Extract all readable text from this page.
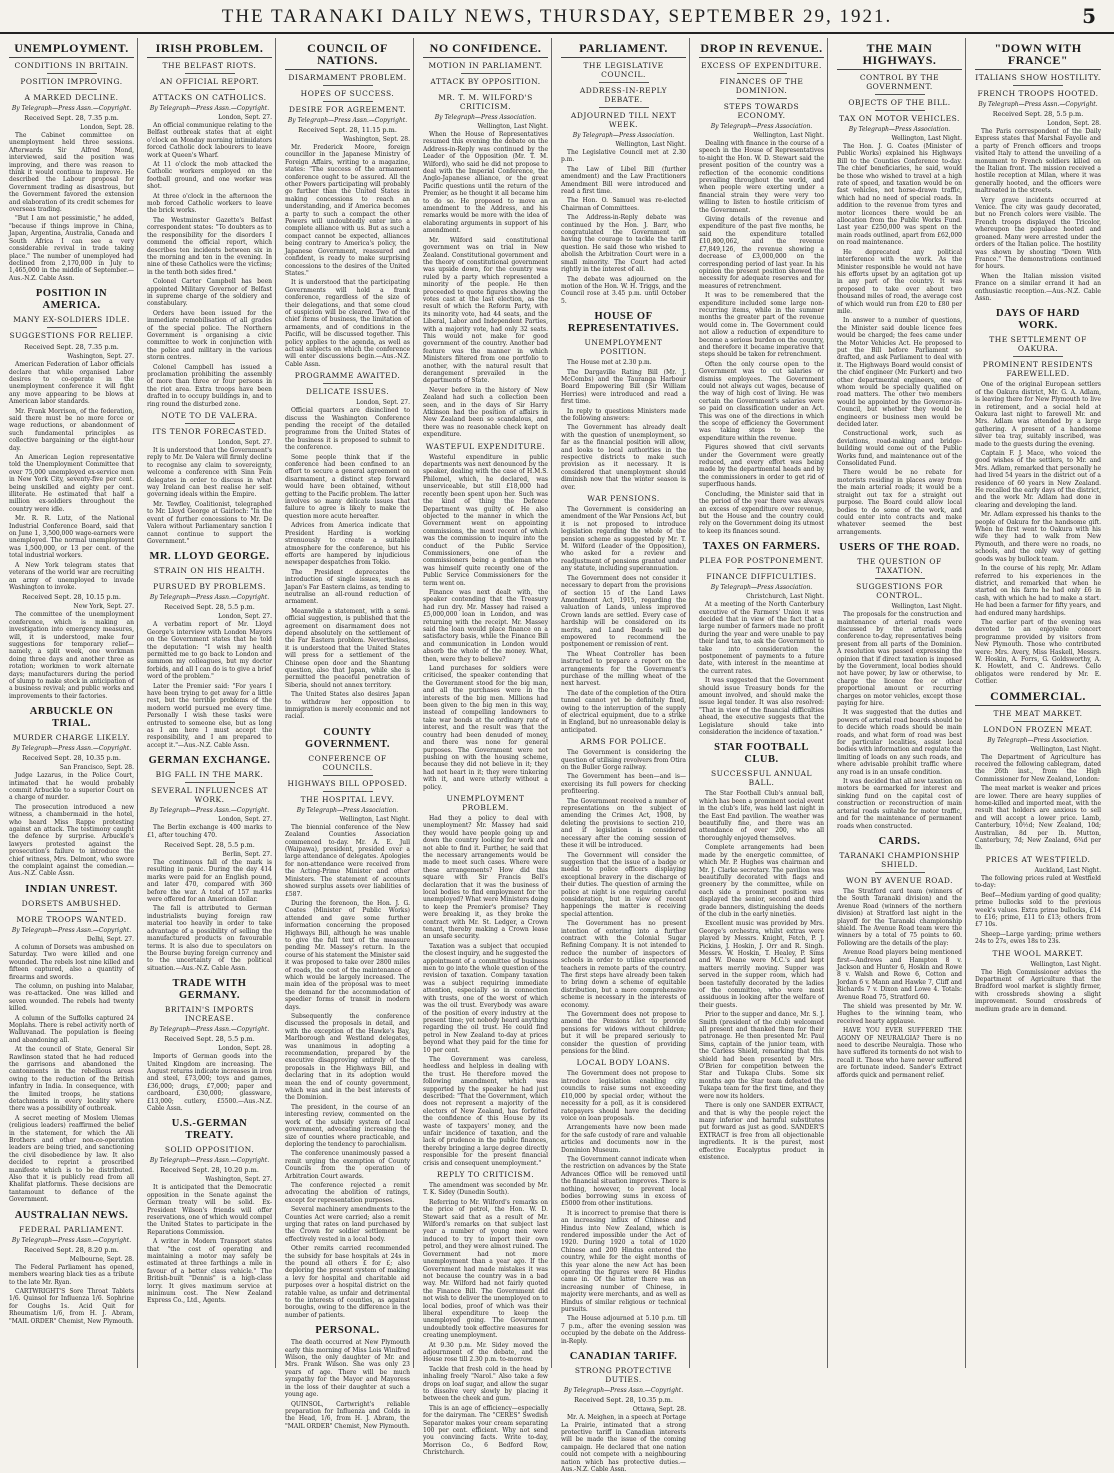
THE TARANAKI DAILY NEWS, THURSDAY, SEPTEMBER 29, 1921.	5
UNEMPLOYMENT.
CONDITIONS IN BRITAIN.
POSITION IMPROVING.
A MARKED DECLINE.
By Telegraph—Press Assn.—Copyright.
Received Sept. 28, 7.35 p.m.
London, Sept. 28.
The Cabinet committee on unemployment held three sessions. Afterwards Sir Alfred Mond, interviewed, said the position was improving, and there was reason to think it would continue to improve. He described the Labour proposal for Government trading as disastrous, but the Government favored the extension and elaboration of its credit schemes for overseas trading.
"But I am not pessimistic," he added, "because if things improve in China, Japan, Argentina, Australia, Canada and South Africa I can see a very considerable revival in trade taking place." The number of unemployed had declined from 2,170,000 in July to 1,465,000 in the middle of September.—Aus.-N.Z. Cable Assn.
POSITION IN AMERICA.
MANY EX-SOLDIERS IDLE.
SUGGESTIONS FOR RELIEF.
Received Sept. 28, 7.35 p.m.
Washington, Sept. 27.
American Federation of Labor officials declare that while organised Labor desires to co-operate in the unemployment conference it will fight any move appearing to be blows at American labor standards.
Mr. Frank Morrison, of the federation, said there must be no more force or wage reductions, or abandonment of such fundamental principles as collective bargaining or the eight-hour day.
An American Legion representative told the Unemployment Committee that over 75,000 unemployed ex-service men in New York City, seventy-five per cent. being unskilled and eighty per cent. illiterate. He estimated that half a million ex-soldiers throughout the country were idle.
Mr. R. R. Lutz, of the National Industrial Conference Board, said that on June 1, 3,500,000 wage-earners were unemployed. The normal unemployment was 1,500,000, or 13 per cent. of the total industrial workers.
A New York telegram states that veterans of the world war are recruiting an army of unemployed to invade Washington to invoke.
Received Sept. 28, 10.15 p.m.
New York, Sept. 27.
The committee of the unemployment conference, which is making an investigation into emergency measures, will, it is understood, make four suggestions for temporary relief—namely, a split week, one workman doing three days and another three as rotation; workmen to work alternate days; manufacturers during the period of slump to make stock in anticipation of a business revival; and public works and improvements to their factories.
ARBUCKLE ON TRIAL.
MURDER CHARGE LIKELY.
By Telegraph—Press Assn.—Copyright.
Received Sept. 28, 10.35 p.m.
San Francisco, Sept. 28.
Judge Lazarus, in the Police Court, intimated that he would probably commit Arbuckle to a superior Court on a charge of murder.
The prosecution introduced a new witness, a chambermaid in the hotel, who heard Miss Rappe protesting against an attack. The testimony caught the defence by surprise. Arbuckle's lawyers protested against the prosecution's failure to introduce the chief witness, Mrs. Delmont, who swore the complaint against the comedian.—Aus.-N.Z. Cable Assn.
INDIAN UNREST.
DORSETS AMBUSHED.
MORE TROOPS WANTED.
By Telegraph—Press Assn.—Copyright.
Delhi, Sept. 27.
A column of Dorsets was ambushed on Saturday. Two were killed and one wounded. The rebels lost nine killed and fifteen captured, also a quantity of firearms and swords.
The column, on pushing into Malabar, was re-attacked. One was killed and seven wounded. The rebels had twenty killed.
A column of the Suffolks captured 24 Moplahs. There is rebel activity north of Walluvanad. The population is fleeing and abandoning all.
At the council of State, General Sir Rawlinson stated that he had reduced the garrisons and abandoned the cantonments in the rebellious areas owing to the reduction of the British infantry in India. In consequence, with the limited troops, he stations detachments in every locality where there was a possibility of outbreak.
A secret meeting of Moslem Ulemas (religious leaders) reaffirmed the belief in the statement, for which the Ali Brothers and other non-co-operation leaders are being tried, and sanctioning the civil disobedience by law. It also decided to reprint a proscribed manifesto which is to be distributed. Also that it is publicly read from all Khalifat platforms. These decisions are tantamount to defiance of the Government.
AUSTRALIAN NEWS.
FEDERAL PARLIAMENT.
By Telegraph—Press Assn.—Copyright.
Received Sept. 28, 8.20 p.m.
Melbourne, Sept. 28.
The Federal Parliament has opened, members wearing black ties as a tribute to the late Mr. Ryan.
CARTWRIGHT'S Sore Throat Tablets 1/6. Quinsol for Influenza 1/6. Sophrine for Coughs 1s. Acid Quit for Rheumatism 1/6, from H. J. Abram, "MAIL ORDER" Chemist, New Plymouth.
IRISH PROBLEM.
THE BELFAST RIOTS.
AN OFFICIAL REPORT.
ATTACKS ON CATHOLICS.
By Telegraph—Press Assn.—Copyright.
London, Sept. 27.
An official communique relating to the Belfast outbreak states that at eight o'clock on Monday morning intimidators forced Catholic dock labourers to leave work at Queen's Wharf.
At 11 o'clock the mob attacked the Catholic workers employed on the football ground, and one worker was shot.
At three o'clock in the afternoon the mob forced Catholic workers to leave the brick works.
The Westminster Gazette's Belfast correspondent states: "To doubters as to the responsibility for the disorders I commend the official report, which describes ten incidents between six in the morning and ten in the evening. In nine of these Catholics were the victims; in the tenth both sides fired."
Colonel Carter Campbell has been appointed Military Governor of Belfast in supreme charge of the soldiery and constabulary.
Orders have been issued for the immediate remobilisation of all grades of the special police. The Northern Government is organising a civic committee to work in conjunction with the police and military in the various storm centres.
Colonel Campbell has issued a proclamation prohibiting the assembly of more than three or four persons in the riot area. Extra troops have been drafted in to occupy buildings in, and to ring round the disturbed zone.
NOTE TO DE VALERA.
ITS TENOR FORECASTED.
London, Sept. 27.
It is understood that the Government's reply to Mr. De Valera will firmly decline to recognise any claim to sovereignty, welcome a conference with Sinn Fein delegates in order to discuss in what way Ireland can best realise her self-governing ideals within the Empire.
Mr. Tewfley, Coalitionist, telegraphed to Mr. Lloyd George at Gairloch: "In the event of further concessions to Mr. De Valera without Parliamentary sanction I cannot continue to support the Government."
MR. LLOYD GEORGE.
STRAIN ON HIS HEALTH.
PURSUED BY PROBLEMS.
By Telegraph—Press Assn.—Copyright.
Received Sept. 28, 5.5 p.m.
London, Sept. 27.
A verbatim report of Mr. Lloyd George's interview with London Mayors on the Government states that he told the deputation: "I wish my health permitted me to go back to London and summon my colleagues, but my doctor forbids, and all I can do is to give a brief word of the problem."
Later the Premier said: "For years I have been trying to get away for a little rest, but the terrible problems of the modern world pursued me every time. Personally I wish these tasks were entrusted to someone else, but as long as I am here I must accept the responsibility, and I am prepared to accept it."—Aus.-N.Z. Cable Assn.
GERMAN EXCHANGE.
BIG FALL IN THE MARK.
SEVERAL INFLUENCES AT WORK.
By Telegraph—Press Assn.—Copyright.
London, Sept. 27.
The Berlin exchange is 400 marks to £1, after touching 470.
Received Sept. 28, 5.5 p.m.
Berlin, Sept. 27.
The continuous fall of the mark is resulting in panic. During the day 414 marks were paid for an English pound, and later 470, compared with 360 before the war. A total of 157 marks were offered for an American dollar.
The fall is attributed to German industrialists buying foreign raw material too heavily in order to take advantage of a possibility of selling the manufactured products on favourable terms. It is also due to speculators on the Bourse buying foreign currency and to the uncertainty of the political situation.—Aus.-N.Z. Cable Assn.
TRADE WITH GERMANY.
BRITAIN'S IMPORTS INCREASE.
By Telegraph—Press Assn.—Copyright.
Received Sept. 28, 5.5 p.m.
London, Sept. 28.
Imports of German goods into the United Kingdom are increasing. The August returns indicate increases in iron and steel, £73,000; toys and games, £36,000; drugs, £7,000; paper and cardboard, £30,000; glassware, £13,000; cutlery, £5500.—Aus.-N.Z. Cable Assn.
U.S.-GERMAN TREATY.
SOLID OPPOSITION.
By Telegraph—Press Assn.—Copyright.
Received Sept. 28, 10.20 p.m.
Washington, Sept. 27.
It is anticipated that the Democratic opposition in the Senate against the German treaty will be solid. Ex-President Wilson's friends will offer reservations, one of which would compel the United States to participate in the Reparations Commission.
A writer in Modern Transport states that "the cost of operating and maintaining a motor may safely be estimated at three farthings a mile in favour of a better class vehicle." The British-built "Dennis" is a high-class lorry. It gives maximum service at minimum cost. The New Zealand Express Co., Ltd., Agents.
COUNCIL OF NATIONS.
DISARMAMENT PROBLEM.
HOPES OF SUCCESS.
DESIRE FOR AGREEMENT.
By Telegraph—Press Assn.—Copyright.
Received Sept. 28, 11.15 p.m.
Washington, Sept. 28.
Mr. Frederick Moore, foreign councillor in the Japanese Ministry of Foreign Affairs, writing to a magazine, states: "The success of the armament conference ought to be assured. All the other Powers participating will probably go further than the United States in making concessions to reach an understanding, and if America becomes a party to such a compact the other Powers will undoubtedly enter into a complete alliance with us. But as such a compact cannot be expected, alliances being contrary to America's policy, the Japanese Government, reassured and confident, is ready to make surprising concessions to the desires of the United States."
It is understood that the participating Governments will hold a frank conference, regardless of the size of their delegations, and that some cloud of suspicion will be cleared. Two of the chief items of business, the limitation of armaments, and of conditions in the Pacific, will be discussed together. This policy applies to the agenda, as well as actual subjects on which the conference will enter discussions begin.—Aus.-N.Z. Cable Assn.
PROGRAMME AWAITED.
DELICATE ISSUES.
London, Sept. 27.
Official quarters are disinclined to discuss the Washington Conference pending the receipt of the detailed programme from the United States of the business it is proposed to submit to the conference.
Some people think that if the conference had been confined to an effort to secure a general agreement on disarmament, a distinct step forward would have been obtained, without getting to the Pacific problem. The latter involves so many delicate issues that failure to agree is likely to make the question more acute hereafter.
Advices from America indicate that President Harding is working strenuously to create a suitable atmosphere for the conference, but his efforts are hampered by injudicious newspaper despatches from Tokio.
The President deprecates the introduction of single issues, such as Japan's Far Eastern claims, as tending to neutralise an all-round reduction of armament.
Meanwhile a statement, with a semi-official suggestion, is published that the agreement on disarmament does not depend absolutely on the settlement of the Far Eastern problem. Nevertheless, it is understood that the United States will press for a settlement of the Chinese open door and the Shantung question, also that Japan, while she is permitted the peaceful penetration of Siberia, should not annex territory.
The United States also desires Japan to withdraw her opposition to immigration is merely economic and not racial.
COUNTY GOVERNMENT.
CONFERENCE OF COUNCILS.
HIGHWAYS BILL OPPOSED.
THE HOSPITAL LEVY.
By Telegraph—Press Association.
Wellington, Last Night.
The biennial conference of the New Zealand Counties Association commenced to-day. Mr. A. E. Jull (Waipawa), president, presided over a large attendance of delegates. Apologies for non-attendance were received from the Acting-Prime Minister and other Ministers. The statement of accounts showed surplus assets over liabilities of £587.
During the forenoon, the Hon. J. G. Coates (Minister of Public Works) attended and gave some further information concerning the proposed Highways Bill, although he was unable to give the full text of the measure pending Mr. Massey's return. In the course of his statement the Minister said it was proposed to take over 2800 miles of roads, the cost of the maintenance of which would be largely increased. The main idea of the proposal was to meet the demand for the accommodation of speedier forms of transit in modern days.
Subsequently the conference discussed the proposals in detail, and with the exception of the Hawke's Bay, Marlborough and Westland delegates, was unanimous in adopting a recommendation, prepared by the executive disapproving entirely of the proposals in the Highways Bill, and declaring that in its adoption would mean the end of county government, which was and in the best interests of the Dominion.
The president, in the course of an interesting review, commented on the work of the subsidy system of local government, advocating increasing the size of counties where practicable, and deploring the tendency to parochialism.
The conference unanimously passed a remit urging the exemption of County Councils from the operation of Arbitration Court awards.
The conference rejected a remit advocating the abolition of ratings, except for representation purposes.
Several machinery amendments to the Counties Act were carried; also a remit urging that rates on land purchased by the Crown for soldier settlement be effectively vested in a local body.
Other remits carried recommended the subsidy for base hospitals at 24s in the pound all others £ for £; also deploring the present system of making a levy for hospital and charitable aid purposes over a hospital district on the ratable value, as unfair and detrimental to the interests of counties, as against boroughs, owing to the difference in the number of patients.
PERSONAL.
The death occurred at New Plymouth early this morning of Miss Lois Winifred Wilson, the only daughter of Mr. and Mrs. Frank Wilson. She was only 23 years of age. There will be much sympathy for the Mayor and Mayoress in the loss of their daughter at such a young age.
QUINSOL, Cartwright's reliable preparation for Influenza and Colds in the Head, 1/6, from H. J. Abram, the "MAIL ORDER" Chemist, New Plymouth.
NO CONFIDENCE.
MOTION IN PARLIAMENT.
ATTACK BY OPPOSITION.
MR. T. M. WILFORD'S CRITICISM.
By Telegraph—Press Association.
Wellington, Last Night.
When the House of Representatives resumed this evening the debate on the Address-in-Reply was continued by the Leader of the Opposition (Mr. T. M. Wilford), who said he did not propose to deal with the Imperial Conference, the Anglo-Japanese alliance, or the great Pacific questions until the return of the Premier, as he thought it all became him to do so. He proposed to move an amendment to the Address, and his remarks would be more with the idea of elaborating arguments in support of his amendment.
Mr. Wilford said constitutional government was on trial in New Zealand. Constitutional government and the theory of constitutional government was upside down, for the country was ruled by a party which represented a minority of the people. He then proceeded to quote figures showing the votes cast at the last election, as the result of which the Reform Party, with its minority vote, had 44 seats, and the Liberal, Labor and Independent Parties, with a majority vote, had only 32 seats. This would not make for good government of the country. Another bad feature was the manner in which Ministers filtered from one portfolio to another, with the natural result that derangement prevailed in the departments of State.
Never before in the history of New Zealand had such a collection been seen, and in the days of Sir Harry Atkinson had the position of affairs in New Zealand been so scandalous, and there was no reasonable check kept on expenditure.
WASTEFUL EXPENDITURE.
Wasteful expenditure in public departments was next denounced by the speaker, dealing with the case of H.M.S. Philomel, which, he declared, was unserviceable, but still £18,000 had recently been spent upon her. Such was the kind of thing the Defence Department was guilty of. He also objected to the manner in which the Government went on appointing commissions, the most recent of which was the commission to inquire into the conduct of the Public Service Commissioners, one of the commissioners being a gentleman who was himself quite recently one of the Public Service Commissioners for the term went on.
Finance was next dealt with, the speaker contending that the Treasury had run dry. Mr. Massey had raised a £5,000,000 loan in London, and was returning with the receipt. Mr. Massey said the loan would place finance on a satisfactory basis, while the Finance Bill and communication in London would absorb the whole of the money. What, then, were they to believe?
Land purchases for soldiers were criticised, the speaker contending that the Government stood for the big man, and all the purchases were in the interests of the big men. Millions had been given to the big men in this way, instead of compelling landowners to take war bonds at the ordinary rate of interest, and the result was that the country had been denuded of money, and there was none for general purposes. The Government were not pushing on with the housing scheme, because they did not believe in it; they had not heart in it; they were tinkering with it, and were utterly without a policy.
UNEMPLOYMENT PROBLEM.
Had they a policy to deal with unemployment? Mr. Massey had said they would have people going up and down the country looking for work and not able to find it. Further, he said that the necessary arrangements would be made to meet such cases. Where were these arrangements? How did this square with Sir Francis Bell's declaration that it was the business of local bodies to find employment for the unemployed? What were Ministers doing to keep the Premier's promise? They were breaking it, as they broke the contract with Mr. St. Ledger, a Crown tenant, thereby making a Crown lease an unsafe security.
Taxation was a subject that occupied the closest inquiry, and he suggested the appointment of a committee of business men to go into the whole question of the revision of taxation. Company taxation was a subject requiring immediate attention, especially so in connection with trusts, one of the worst of which was the oil trust. Everybody was aware of the position of every industry at the present time; yet nobody heard anything regarding the oil trust. He could find petrol in New Zealand to-day at prices beyond what they paid for the time for 10 per cent.
The Government was careless, heedless and helpless in dealing with the trust. He therefore moved the following amendment, which was supported by the speaker he had just described: "That the Government, which does not represent a majority of the electors of New Zealand, has forfeited the confidence of this House by its waste of taxpayers' money, and the unfair incidence of taxation, and the lack of prudence in the public finances, thereby bringing a large degree directly responsible for the present financial crisis and consequent unemployment."
REPLY TO CRITICISM.
The amendment was seconded by Mr. T. K. Sidey (Dunedin South).
Referring to Mr. Wilford's remarks on the price of petrol, the Hon. W. D. Stewart said that as a result of Mr. Wilford's remarks on that subject last year a number of young men were induced to try to import their own petrol, and they were almost ruined. The Government had not more unemployment than a year ago. If the Government had made mistakes it was not because the country was in a bad way. Mr. Wilford had not fairly quoted the Finance Bill. The Government did not wish to deliver the unemployed on to local bodies, proof of which was their liberal expenditure to keep the unemployed going. The Government undoubtedly took effective measures for creating unemployment.
At 9.30 p.m. Mr. Sidey moved the adjournment of the debate, and the House rose till 2.30 p.m. to-morrow.
Tackle that fresh cold in the head by inhaling freely "Narol." Also take a few drops on loaf sugar, and allow the sugar to dissolve very slowly by placing it between the cheek and gum.
This is an age of efficiency—especially for the dairyman. The "CERES" Swedish Separator makes your cream separating 100 per cent. efficient. Why not send you convincing facts. Write to-day, Morrison Co., 6 Bedford Row, Christchurch.
PARLIAMENT.
THE LEGISLATIVE COUNCIL.
ADDRESS-IN-REPLY DEBATE.
ADJOURNED TILL NEXT WEEK.
By Telegraph—Press Association.
Wellington, Last Night.
The Legislative Council met at 2.30 p.m.
The Law of Libel Bill (further amendment) and the Law Practitioners Amendment Bill were introduced and read a first time.
The Hon. O. Samuel was re-elected Chairman of Committees.
The Address-in-Reply debate was continued by the Hon. J. Barr, who congratulated the Government on having the courage to tackle the tariff question. He said those who wished to abolish the Arbitration Court were in a small minority. The Court had acted rightly in the interest of all.
The debate was adjourned on the motion of the Hon. W. H. Triggs, and the Council rose at 3.45 p.m. until October 5.
HOUSE OF REPRESENTATIVES.
UNEMPLOYMENT POSITION.
The House met at 2.30 p.m.
The Dargaville Rating Bill (Mr. J. McCombs) and the Tauranga Harbour Board Empowering Bill (Sir William Herries) were introduced and read a first time.
In reply to questions Ministers made the following answers:
The Government has already dealt with the question of unemployment, so far as the financial position will allow, and looks to local authorities in the respective districts to make such provision as it necessary. It is considered that unemployment should diminish now that the winter season is over.
WAR PENSIONS.
The Government is considering an amendment of the War Pensions Act, but it is not proposed to introduce legislation regarding the whole of the pension scheme as suggested by Mr. T. M. Wilford (Leader of the Opposition), who asked for a review and readjustment of pensions granted under any statute, including superannuation.
The Government does not consider it necessary to depart from the provisions of section 15 of the Land Laws Amendment Act, 1915, regarding the valuation of Lands, unless improved Crown lands are settled. Every case of hardship will be considered on its merits, and Land Boards will be empowered to recommend the postponement or remission of rent.
The Wheat Controller has been instructed to prepare a report on the arrangements for the Government's purchase of the milling wheat of the next harvest.
The date of the completion of the Otira tunnel cannot yet be definitely fixed, owing to the interruption of the supply of electrical equipment, due to a strike in England, but no unreasonable delay is anticipated.
ARMS FOR POLICE.
The Government is considering the question of utilising revolvers from Otira on the Buller Gorge railway.
The Government has been—and is—exercising its full powers for checking profiteering.
The Government received a number of representations on the subject of amending the Crimes Act, 1908, by deleting the provisions to section 210, and if legislation is considered necessary after the coming session of these it will be introduced.
The Government will consider the suggestion that the issue of a badge or medal to police officers displaying exceptional bravery in the discharge of their duties. The question of arming the police at night is one requiring careful consideration, but in view of recent happenings the matter is receiving special attention.
The Government has no present intention of entering into a further contract with the Colonial Sugar Refining Company. It is not intended to reduce the number of inspectors of schools in order to utilise experienced teachers in remote parts of the country. The first steps have already been taken to bring down a scheme of equitable distribution, but a more comprehensive scheme is necessary in the interests of economy.
The Government does not propose to amend the Pensions Act to provide pensions for widows without children; but it will be prepared seriously to consider the question of providing pensions for the blind.
LOCAL BODY LOANS.
The Government does not propose to introduce legislation enabling city councils to raise sums not exceeding £10,000 by special order, without the necessity for a poll, as it is considered ratepayers should have the deciding voice on loan proposals.
Arrangements have now been made for the safe custody of rare and valuable articles and documents now in the Dominion Museum.
The Government cannot indicate when the restriction on advances by the State Advances Office will be removed until the financial situation improves. There is nothing, however, to prevent local bodies borrowing sums in excess of £5000 from other institutions.
It is incorrect to premise that there is an increasing influx of Chinese and Hindus into New Zealand, which is rendered impossible under the Act of 1920. During 1920 a total of 1020 Chinese and 200 Hindus entered the country, while for the eight months of this year alone the new Act has been operating the figures were 84 Hindus came in. Of the latter there was an increasing number of Chinese, in majority were merchants, and as well as Hindus of similar religious or technical pursuits.
The House adjourned at 5.10 p.m. till 7 p.m., after the evening session was occupied by the debate on the Address-in-Reply.
CANADIAN TARIFF.
STRONG PROTECTIVE DUTIES.
By Telegraph—Press Assn.—Copyright.
Received Sept. 28, 10.35 p.m.
Ottawa, Sept. 28.
Mr. A. Meighen, in a speech at Portage La Prairie, intimated that a strong protective tariff in Canadian interests will be made the issue of the coming campaign. He declared that one nation could not compete with a neighbouring nation which has protective duties.—Aus.-N.Z. Cable Assn.
DROP IN REVENUE.
EXCESS OF EXPENDITURE.
FINANCES OF THE DOMINION.
STEPS TOWARDS ECONOMY.
By Telegraph—Press Association.
Wellington, Last Night.
Dealing with finance in the course of a speech in the House of Representatives to-night the Hon. W. D. Stewart said the present position of the country was a reflection of the economic conditions prevailing throughout the world, and when people were exerting under a financial strain they were very too willing to listen to hostile criticism of the Government.
Giving details of the revenue and expenditure of the past five months, he said the expenditure totalled £10,800,062, and the revenue £7,849,126, the revenue showing a decrease of £3,000,000 on the corresponding period of last year. In his opinion the present position showed the necessity for adequate reserves and for measures of retrenchment.
It was to be remembered that the expenditure included some large non-recurring items, while in the summer months the greater part of the revenue would come in. The Government could not allow a reduction of expenditure to become a serious burden on the country, and therefore it became imperative that steps should be taken for retrenchment.
Often the only course open to the Government was to cut salaries or dismiss employees. The Government could not always cut wages, because of the way of high cost of living. He was certain the Government's salaries were so paid on classification under an Act. This was one of the directions in which the scope of efficiency the Government was taking steps to keep the expenditure within the revenue.
Figures showed that civil servants under the Government were greatly reduced, and every effort was being made by the departmental heads and by the commissioners in order to get rid of superfluous hands.
Concluding, the Minister said that in the period of the year there was always an excess of expenditure over revenue, but the House and the country could rely on the Government doing its utmost to keep its finances sound.
TAXES ON FARMERS.
PLEA FOR POSTPONEMENT.
FINANCE DIFFICULTIES.
By Telegraph—Press Association.
Christchurch, Last Night.
At a meeting of the North Canterbury executive of the Farmers' Union it was decided that in view of the fact that a large number of farmers made no profit during the year and were unable to pay their land tax, to ask the Government to take into consideration the postponement of payments to a future date, with interest in the meantime at the current rates.
It was suggested that the Government should issue Treasury bonds for the amount involved, and should make the issue legal tender. It was also resolved: "That in view of the financial difficulties ahead, the executive suggests that the Legislature should take into consideration the incidence of taxation."
STAR FOOTBALL CLUB.
SUCCESSFUL ANNUAL BALL.
The Star Football Club's annual ball, which has been a prominent social event in the club's life, was held last night in the East End pavilion. The weather was beautifully fine, and there was an attendance of over 200, who all thoroughly enjoyed themselves.
Complete arrangements had been made by the energetic committee, of which Mr. P. Hughes was chairman and Mr. J. Clarke secretary. The pavilion was beautifully decorated with flags and greenery by the committee, while on each side a prominent position was displayed the senior, second and third grade banners, distinguishing the deeds of the club in the early nineties.
Excellent music was provided by Mrs. George's orchestra, whilst extras were played by Messrs. Knight, Fetch, P. J. Pickins, J. Hoskin, J. Orr and R. Singh. Messrs. W. Hoskin, T. Healey, P. Sims and W. Deane were M.C.'s and kept matters merrily moving. Supper was served in the supper room, which had been tastefully decorated by the ladies of the committee, who were most assiduous in looking after the welfare of their guests.
Prior to the supper and dance, Mr. S. J. Smith (president of the club) welcomed all present and thanked them for their patronage. He then presented Mr. Paul Sims, captain of the junior team, with the Carless Shield, remarking that this shield had been presented by Mrs. O'Brien for competition between the Star and Tukapa Clubs. Some six months ago the Star team defeated the Tukapa team for the first time, and they were now its holders.
There is only one SANDER EXTRACT, and that is why the people reject the many inferior and harmful substitutes put forward as just as good. SANDER'S EXTRACT is free from all objectionable ingredients. It is the purest, most effective Eucalyptus product in existence.
THE MAIN HIGHWAYS.
CONTROL BY THE GOVERNMENT.
OBJECTS OF THE BILL.
TAX ON MOTOR VEHICLES.
By Telegraph—Press Association.
Wellington, Last Night.
The Hon. J. G. Coates (Minister of Public Works) explained his Highways Bill to the Counties Conference to-day. The chief beneficiaries, he said, would be those who wished to travel at a high rate of speed, and taxation would be on fast vehicles, not horse-drawn traffic, which had no need of special roads. In addition to the revenue from tyres and motor licences there would be an allocation from the Public Works Fund. Last year £250,000 was spent on the main roads outlined, apart from £62,000 on road maintenance.
He deprecated any political interference with the work. As the Minister responsible he would not have his efforts upset by an agitation got up in any part of the country. It was proposed to take over about two thousand miles of road, the average cost of which would run from £20 to £80 per mile.
In answer to a number of questions, the Minister said double licence fees would be charged; the fees came under the Motor Vehicles Act. He proposed to put the Bill before Parliament so drafted, and ask Parliament to deal with it. The Highways Board would consist of the chief engineer (Mr. Furkert) and two other departmental engineers, one of whom would be specially qualified on road matters. The other two members would be appointed by the Governor-in-Council, but whether they would be engineers or business men would be decided later.
Constructional work, such as deviations, road-making and bridge-building would come out of the Public Works fund, and maintenance out of the Consolidated Fund.
There would be no rebate for motorists residing in places away from the main arterial roads; it would be a straight out tax for a straight out purpose. The Board could allow local bodies to do some of the work, and could enter into contracts and make whatever seemed the best arrangements.
USERS OF THE ROAD.
THE QUESTION OF TAXATION.
SUGGESTIONS FOR CONTROL.
Wellington, Last Night.
The proposals for the construction and maintenance of arterial roads were discussed by the arterial roads conference to-day, representatives being present from all parts of the Dominion. A resolution was passed expressing the opinion that if direct taxation is imposed by the Government, local bodies should not have power, by law or otherwise, to charge the licence fee or other proportional amount or recurring charges on motor vehicles, except those paying for hire.
It was suggested that the duties and powers of arterial road boards should be to decide which roads should be main roads, and what form of road was best for particular localities, assist local bodies with information and regulate the limiting of loads on any such roads, and where advisable prohibit traffic where any road is in an unsafe condition.
It was decided that all new taxation on motors be earmarked for interest and sinking fund on the capital cost of construction or reconstruction of main arterial roads suitable for motor traffic, and for the maintenance of permanent roads when constructed.
CARDS.
TARANAKI CHAMPIONSHIP SHIELD.
WON BY AVENUE ROAD.
The Stratford card team (winners of the South Taranaki division) and the Avenue Road (winners of the northern division) at Stratford last night in the playoff for the Taranaki championship shield. The Avenue Road team were the winners by a total of 75 points to 60. Following are the details of the play:
Avenue Road players being mentioned first—Andrews and Hampton 8 v. Jackson and Hunter 6, Hoskin and Rowe 8 v. Walsh and Rowe 6, Cotton and Jordan 6 v. Mann and Hawke 7, Cliff and Richards 7 v. Dixon and Lowe 4. Totals: Avenue Road 75, Stratford 60.
The shield was presented by Mr. W. Hughes to the winning team, who received hearty applause.
HAVE YOU EVER SUFFERED THE AGONY OF NEURALGIA? There is no need to describe Neuralgia. Those who have suffered its torments do not wish to recall it. Those who have never suffered are fortunate indeed. Sander's Extract affords quick and permanent relief.
"DOWN WITH FRANCE"
ITALIANS SHOW HOSTILITY.
FRENCH TROOPS HOOTED.
By Telegraph—Press Assn.—Copyright.
Received Sept. 28, 5.5 p.m.
London, Sept. 28.
The Paris correspondent of the Daily Express states that Marshal Fayolle and a party of French officers and troops visited Italy to attend the unveiling of a monument to French soldiers killed on the Italian front. The mission received a hostile reception at Milan, where it was generally hooted, and the officers were maltreated in the streets.
Very grave incidents occurred at Venice. The city was gaudy decorated, but no French colors were visible. The French troops displayed the Tricolor, whereupon the populace hooted and groaned. Many were arrested under the orders of the Italian police. The hostility was shown by shouting "Down With France." The demonstrations continued for hours.
When the Italian mission visited France on a similar errand it had an enthusiastic reception.—Aus.-N.Z. Cable Assn.
DAYS OF HARD WORK.
THE SETTLEMENT OF OAKURA.
PROMINENT RESIDENTS FAREWELLED.
One of the original European settlers of the Oakura district, Mr. G. A. Adlam, is leaving there for New Plymouth to live in retirement, and a social held at Oakura last night to farewell Mr. and Mrs. Adlam was attended by a large gathering. A present of a handsome silver tea tray, suitably inscribed, was made to the guests during the evening.
Captain F. J. Mace, who voiced the good wishes of the settlers, to Mr. and Mrs. Adlam, remarked that personally he had lived 54 years in the district out of a residence of 60 years in New Zealand. He recalled the early days of the district, and the work Mr. Adlam had done in clearing and developing the land.
Mr. Adlam expressed his thanks to the people of Oakura for the handsome gift. When he first went to Oakura with his wife they had to walk from New Plymouth, and there were no roads, no schools, and the only way of getting goods was by bullock team.
In the course of his reply, Mr. Adlam referred to his experiences in the district, and remarked that when he started on his farm he had only £6 in cash, with which he had to make a start. He had been a farmer for fifty years, and had endured many hardships.
The earlier part of the evening was devoted to an enjoyable concert programme provided by visitors from New Plymouth. Those who contributed were: Mrs. Avery, Miss Haskell, Messrs. W. Hoskin, A. Forrs, G. Goldsworthy, A. K. Howlett, and C. Andrews. Cello obligatos were rendered by Mr. E. Cottier.
COMMERCIAL.
THE MEAT MARKET.
LONDON FROZEN MEAT.
By Telegraph—Press Association.
Wellington, Last Night.
The Department of Agriculture has received the following cablegram, dated the 26th inst., from the High Commissioner for New Zealand, London:
The meat market is weaker and prices are lower. There are heavy supplies of home-killed and imported meat, with the result that holders are anxious to sell and will accept a lower price. Lamb, Canterbury, 10½d; New Zealand, 10d; Australian, 8d per lb. Mutton, Canterbury, 7d; New Zealand, 6¾d per lb.
PRICES AT WESTFIELD.
Auckland, Last Night.
The following prices ruled at Westfield to-day:
Beef—Medium yarding of good quality; prime bullocks sold to the previous week's values. Extra prime bullocks, £14 to £16; prime, £11 to £13; others from £7 10s.
Sheep—Large yarding; prime wethers 24s to 27s, ewes 18s to 23s.
THE WOOL MARKET.
Wellington, Last Night.
The High Commissioner advises the Department of Agriculture that the Bradford wool market is slightly firmer, with crossbreds showing a slight improvement. Sound crossbreds of medium grade are in demand.
